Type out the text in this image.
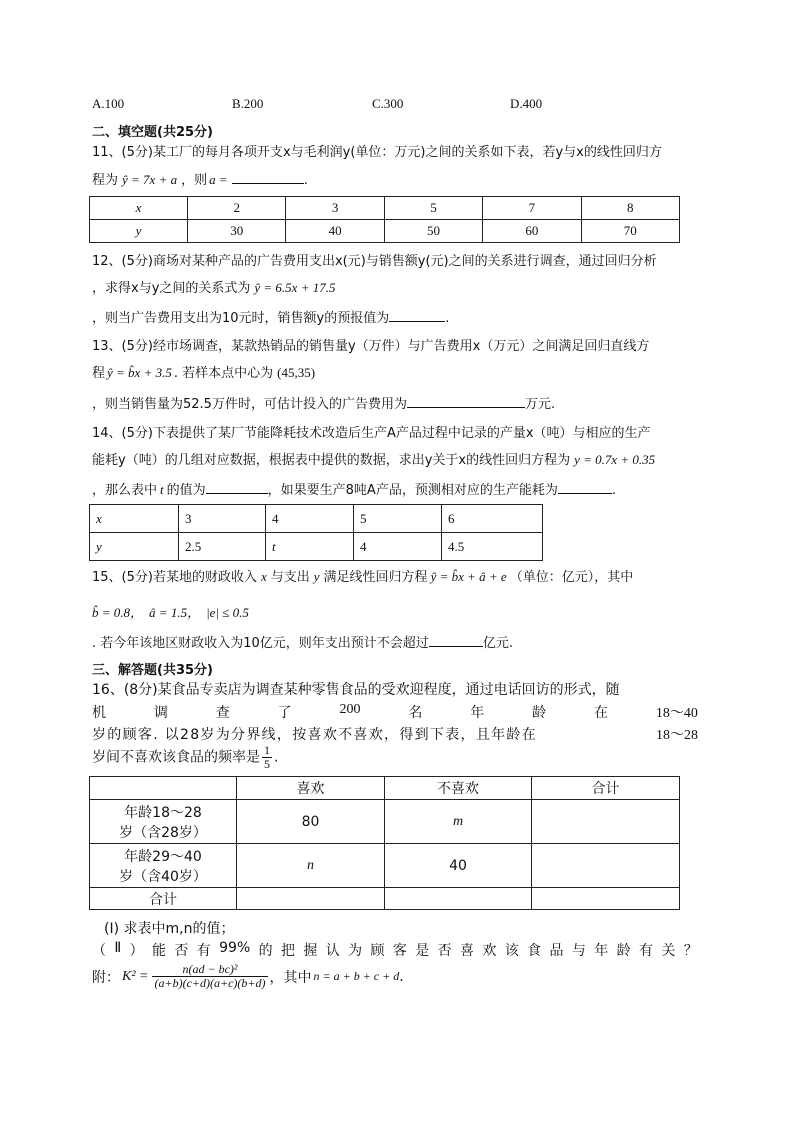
A.100	B.200	C.300	D.400
二、填空题(共25分)
11、(5分)某工厂的每月各项开支x与毛利润y(单位：万元)之间的关系如下表，若y与x的线性回归方
程为 ŷ = 7x + a ，则 a =	.
x	2	3	5	7	8
y	30	40	50	60	70
12、(5分)商场对某种产品的广告费用支出x(元)与销售额y(元)之间的关系进行调查，通过回归分析
，求得x与y之间的关系式为 ŷ = 6.5x + 17.5
，则当广告费用支出为10元时，销售额y的预报值为	.
13、(5分)经市场调查，某款热销品的销售量y（万件）与广告费用x（万元）之间满足回归直线方
程 ŷ = b̂x + 3.5 . 若样本点中心为 (45,35)
，则当销售量为52.5万件时，可估计投入的广告费用为	万元.
14、(5分)下表提供了某厂节能降耗技术改造后生产A产品过程中记录的产量x（吨）与相应的生产
能耗y（吨）的几组对应数据，根据表中提供的数据，求出y关于x的线性回归方程为 y = 0.7x + 0.35
，那么表中 t 的值为	，如果要生产8吨A产品，预测相对应的生产能耗为	.
x	3	4	5	6
y	2.5	t	4	4.5
15、(5分)若某地的财政收入 x 与支出 y 满足线性回归方程 ŷ = b̂x + â + e （单位：亿元），其中
b̂ = 0.8， â = 1.5， |e| ≤ 0.5
. 若今年该地区财政收入为10亿元，则年支出预计不会超过	亿元.
三、解答题(共35分)
16、(8分)某食品专卖店为调查某种零售食品的受欢迎程度，通过电话回访的形式，随
机	调	查	了	200	名	年	龄	在	18～40
岁的顾客. 以28岁为分界线，按喜欢不喜欢，得到下表，且年龄在	18～28
岁间不喜欢该食品的频率是 $\frac{1}{5}$ .
	喜欢	不喜欢	合计

年龄18～28
岁（含28岁）	80	m	

年龄29～40
岁（含40岁）	n	40	
合计			
(Ⅰ) 求表中m,n的值；
（ Ⅱ ） 能 否 有 99% 的 把 握 认 为 顾 客 是 否 喜 欢 该 食 品 与 年 龄 有 关 ？
附： $K^2 = \frac{\text{n(ad − bc)²}}{(a+b)(c+d)(a+c)(b+d)}$ ，其中 n = a + b + c + d .
